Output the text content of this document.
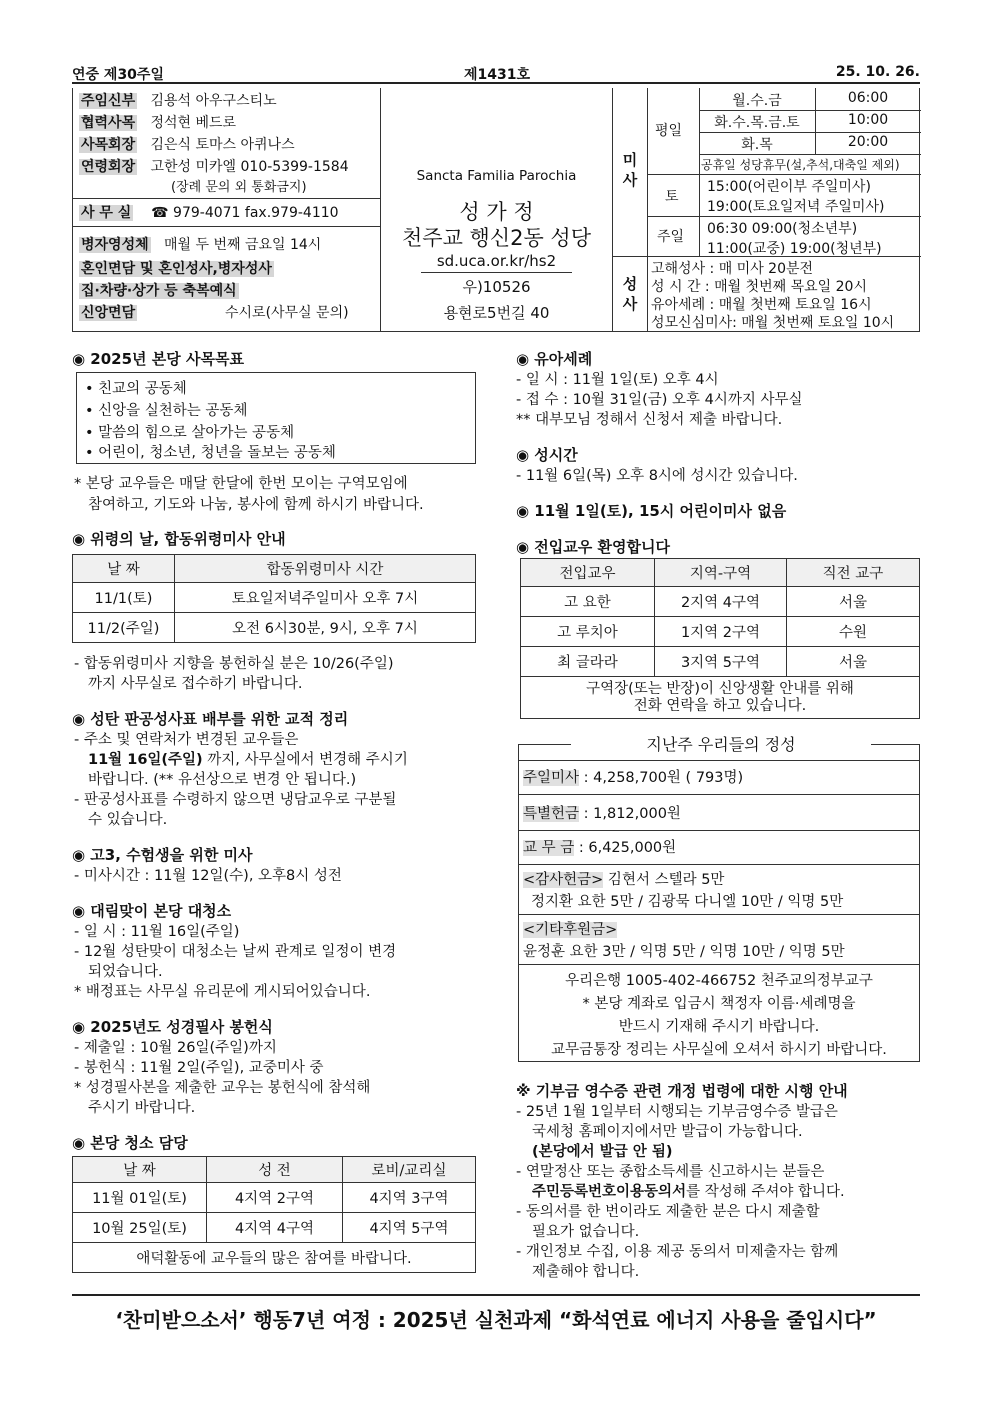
연중 제30주일	제1431호	25. 10. 26.
주임신부 김용석 아우구스티노
협력사목 정석현 베드로
사목회장 김은식 토마스 아퀴나스
연령회장 고한성 미카엘 010-5399-1584
(장례 문의 외 통화금지)
사 무 실 ☎ 979-4071 fax.979-4110
병자영성체 매월 두 번째 금요일 14시
혼인면담 및 혼인성사,병자성사
집·차량·상가 등 축복예식
신앙면담	수시로(사무실 문의)
Sancta Familia Parochia
성 가 정
천주교 행신2동 성당
sd.uca.or.kr/hs2
우)10526
용현로5번길 40
미 사
평일
월.수.금	06:00
화.수.목.금.토	10:00
화.목	20:00
공휴일 성당휴무(설,추석,대축일 제외)
토
15:00(어린이부 주일미사)
19:00(토요일저녁 주일미사)
주일 06:30 09:00(청소년부)
11:00(교중) 19:00(청년부)
성 사
고해성사 : 매 미사 20분전
성 시 간 : 매월 첫번째 목요일 20시
유아세례 : 매월 첫번째 토요일 16시
성모신심미사: 매월 첫번째 토요일 10시
◉ 2025년 본당 사목목표
• 친교의 공동체
• 신앙을 실천하는 공동체
• 말씀의 힘으로 살아가는 공동체
• 어린이, 청소년, 청년을 돌보는 공동체
* 본당 교우들은 매달 한달에 한번 모이는 구역모임에
참여하고, 기도와 나눔, 봉사에 함께 하시기 바랍니다.
◉ 위령의 날, 합동위령미사 안내
날 짜	합동위령미사 시간
11/1(토)	토요일저녁주일미사 오후 7시
11/2(주일)	오전 6시30분, 9시, 오후 7시
- 합동위령미사 지향을 봉헌하실 분은 10/26(주일)
까지 사무실로 접수하기 바랍니다.
◉ 성탄 판공성사표 배부를 위한 교적 정리
- 주소 및 연락처가 변경된 교우들은
11월 16일(주일) 까지, 사무실에서 변경해 주시기
바랍니다. (** 유선상으로 변경 안 됩니다.)
- 판공성사표를 수령하지 않으면 냉담교우로 구분될
수 있습니다.
◉ 고3, 수험생을 위한 미사
- 미사시간 : 11월 12일(수), 오후8시 성전
◉ 대림맞이 본당 대청소
- 일 시 : 11월 16일(주일)
- 12월 성탄맞이 대청소는 날씨 관계로 일정이 변경
되었습니다.
* 배정표는 사무실 유리문에 게시되어있습니다.
◉ 2025년도 성경필사 봉헌식
- 제출일 : 10월 26일(주일)까지
- 봉헌식 : 11월 2일(주일), 교중미사 중
* 성경필사본을 제출한 교우는 봉헌식에 참석해
주시기 바랍니다.
◉ 본당 청소 담당
날 짜	성 전	로비/교리실
11월 01일(토)	4지역 2구역	4지역 3구역
10월 25일(토)	4지역 4구역	4지역 5구역
애덕활동에 교우들의 많은 참여를 바랍니다.		
◉ 유아세례
- 일 시 : 11월 1일(토) 오후 4시
- 접 수 : 10월 31일(금) 오후 4시까지 사무실
** 대부모님 정해서 신청서 제출 바랍니다.
◉ 성시간
- 11월 6일(목) 오후 8시에 성시간 있습니다.
◉ 11월 1일(토), 15시 어린이미사 없음
◉ 전입교우 환영합니다
전입교우	지역-구역	직전 교구
고 요한	2지역 4구역	서울
고 루치아	1지역 2구역	수원
최 글라라	3지역 5구역	서울

구역장(또는 반장)이 신앙생활 안내를 위해
전화 연락을 하고 있습니다.		
지난주 우리들의 정성
주일미사 : 4,258,700원 ( 793명)
특별헌금 : 1,812,000원
교 무 금 : 6,425,000원
<감사헌금> 김현서 스텔라 5만
정지환 요한 5만 / 김광묵 다니엘 10만 / 익명 5만
<기타후원금>
윤정훈 요한 3만 / 익명 5만 / 익명 10만 / 익명 5만
우리은행 1005-402-466752 천주교의정부교구
* 본당 계좌로 입금시 책정자 이름·세례명을
반드시 기재해 주시기 바랍니다.
교무금통장 정리는 사무실에 오셔서 하시기 바랍니다.
※ 기부금 영수증 관련 개정 법령에 대한 시행 안내
- 25년 1월 1일부터 시행되는 기부금영수증 발급은
국세청 홈페이지에서만 발급이 가능합니다.
(본당에서 발급 안 됨)
- 연말정산 또는 종합소득세를 신고하시는 분들은
주민등록번호이용동의서를 작성해 주셔야 합니다.
- 동의서를 한 번이라도 제출한 분은 다시 제출할
필요가 없습니다.
- 개인정보 수집, 이용 제공 동의서 미제출자는 함께
제출해야 합니다.
‘찬미받으소서’ 행동7년 여정 : 2025년 실천과제 “화석연료 에너지 사용을 줄입시다”
